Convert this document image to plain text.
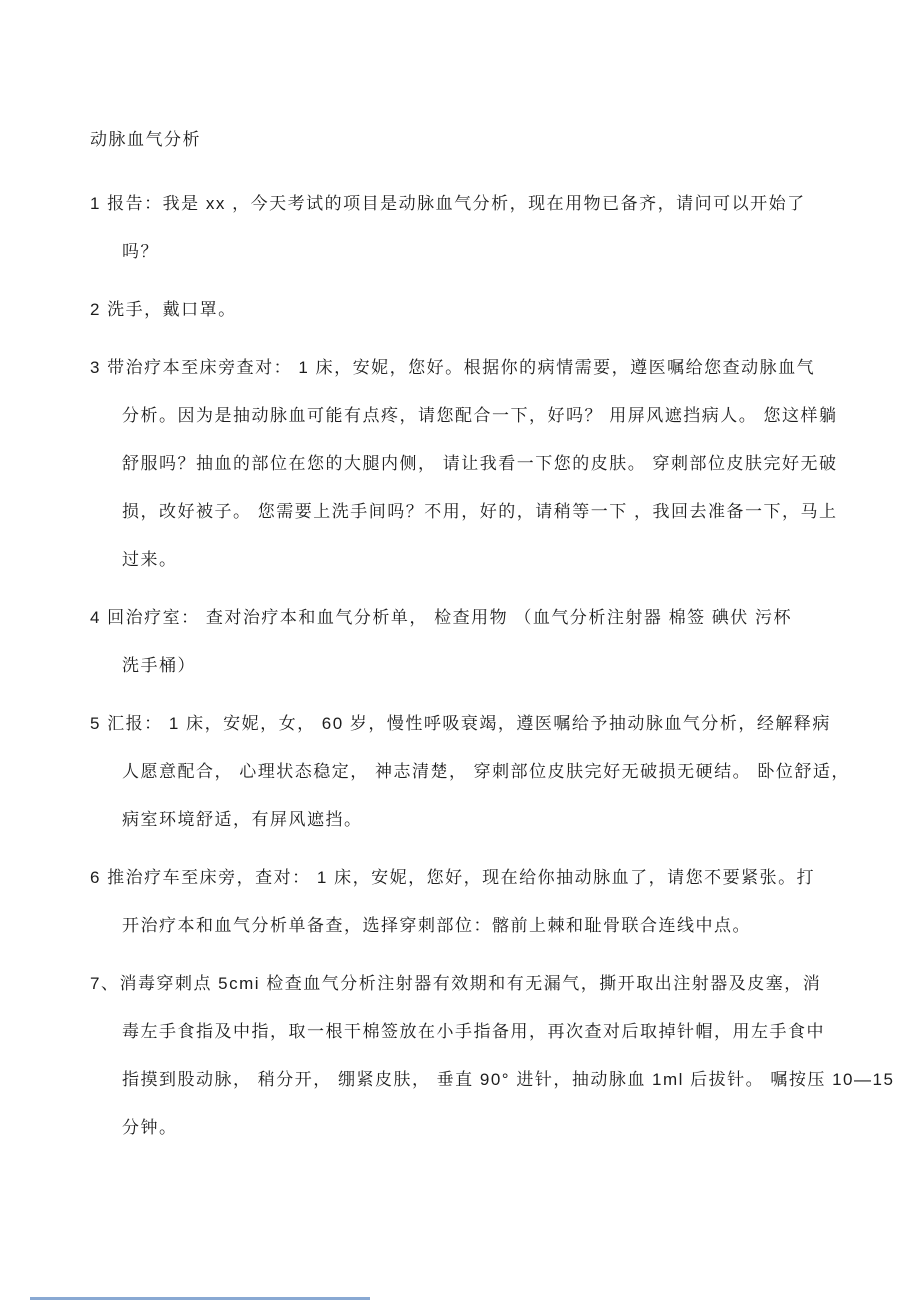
动脉血气分析
1 报告：我是 xx ，今天考试的项目是动脉血气分析，现在用物已备齐，请问可以开始了
吗？
2 洗手，戴口罩。
3 带治疗本至床旁查对： 1 床，安妮，您好。根据你的病情需要，遵医嘱给您查动脉血气
分析。因为是抽动脉血可能有点疼，请您配合一下，好吗？ 用屏风遮挡病人。 您这样躺
舒服吗？抽血的部位在您的大腿内侧， 请让我看一下您的皮肤。 穿刺部位皮肤完好无破
损，改好被子。 您需要上洗手间吗？不用，好的，请稍等一下 ，我回去准备一下，马上
过来。
4 回治疗室： 查对治疗本和血气分析单， 检查用物 （血气分析注射器 棉签 碘伏 污杯
洗手桶）
5 汇报： 1 床，安妮，女， 60 岁，慢性呼吸衰竭，遵医嘱给予抽动脉血气分析，经解释病
人愿意配合， 心理状态稳定， 神志清楚， 穿刺部位皮肤完好无破损无硬结。 卧位舒适，
病室环境舒适，有屏风遮挡。
6 推治疗车至床旁，查对： 1 床，安妮，您好，现在给你抽动脉血了，请您不要紧张。打
开治疗本和血气分析单备查，选择穿刺部位：髂前上棘和耻骨联合连线中点。
7、消毒穿刺点 5cmi 检查血气分析注射器有效期和有无漏气，撕开取出注射器及皮塞，消
毒左手食指及中指，取一根干棉签放在小手指备用，再次查对后取掉针帽，用左手食中
指摸到股动脉， 稍分开， 绷紧皮肤， 垂直 90° 进针，抽动脉血 1ml 后拔针。 嘱按压 10—15
分钟。
